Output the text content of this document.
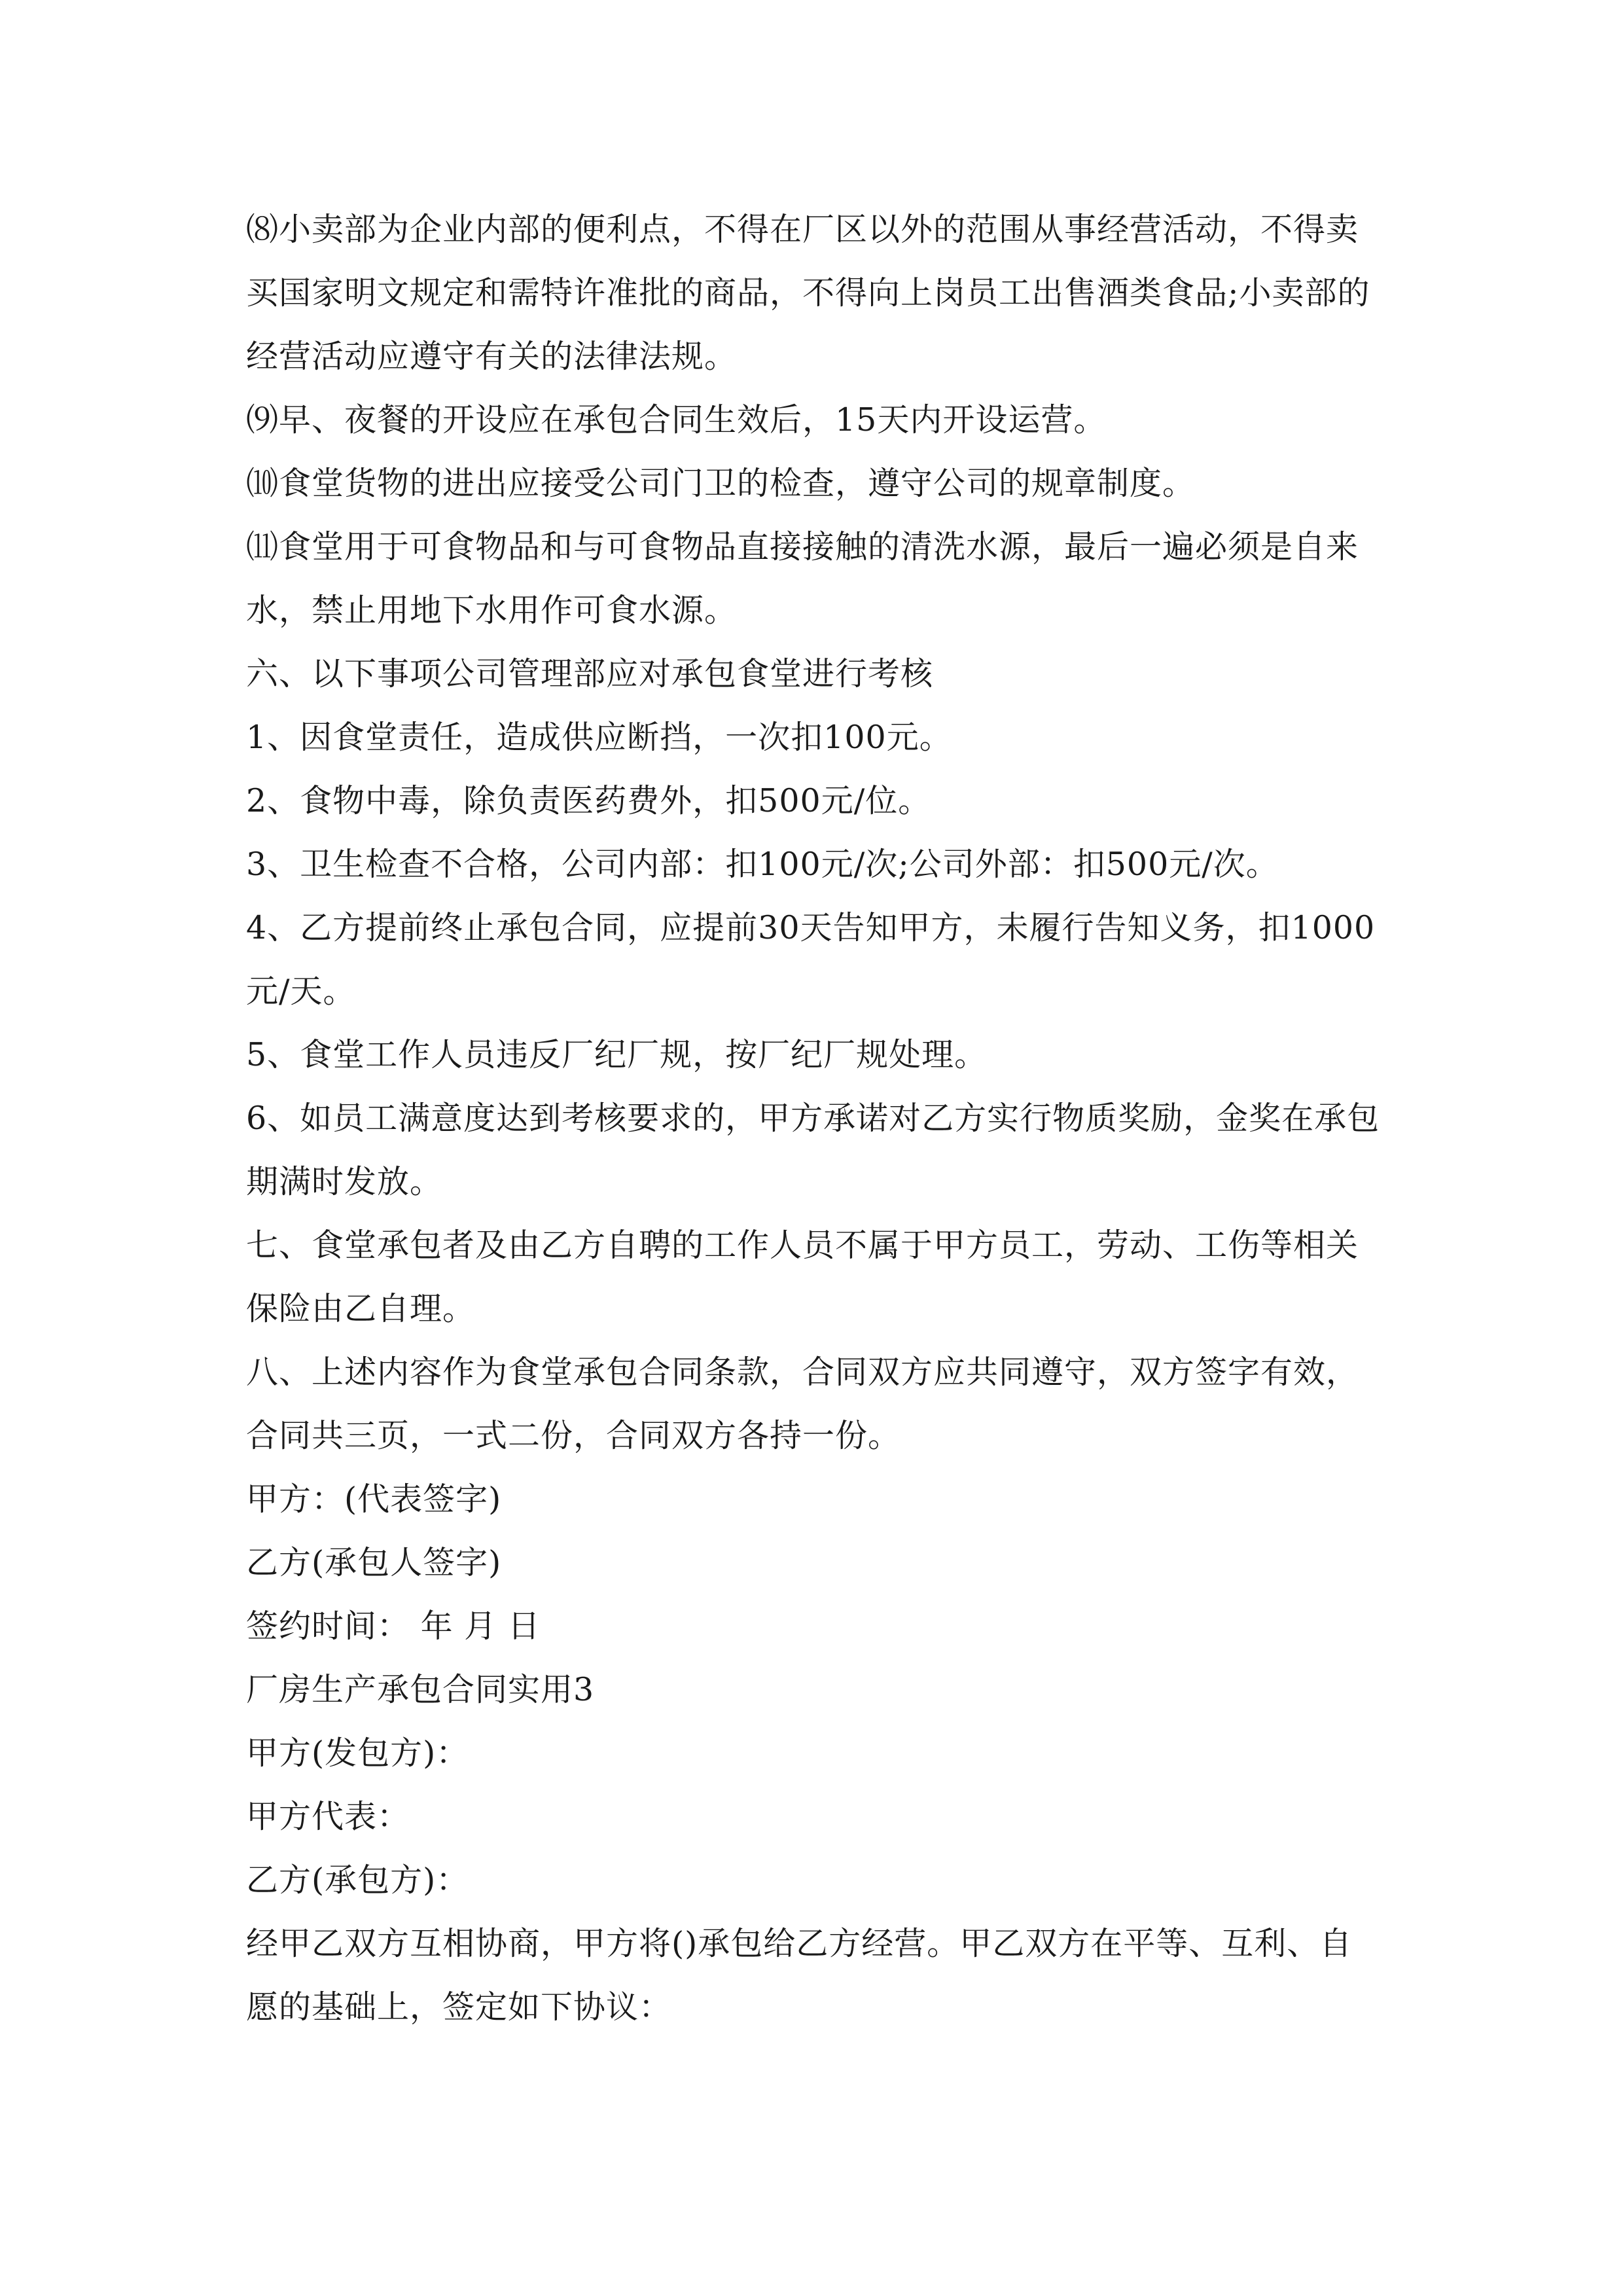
⑻小卖部为企业内部的便利点，不得在厂区以外的范围从事经营活动，不得卖买国家明文规定和需特许准批的商品，不得向上岗员工出售酒类食品;小卖部的经营活动应遵守有关的法律法规。

⑼早、夜餐的开设应在承包合同生效后，15天内开设运营。

⑽食堂货物的进出应接受公司门卫的检查，遵守公司的规章制度。

⑾食堂用于可食物品和与可食物品直接接触的清洗水源，最后一遍必须是自来水，禁止用地下水用作可食水源。

六、以下事项公司管理部应对承包食堂进行考核

1、因食堂责任，造成供应断挡，一次扣100元。

2、食物中毒，除负责医药费外，扣500元/位。

3、卫生检查不合格，公司内部：扣100元/次;公司外部：扣500元/次。

4、乙方提前终止承包合同，应提前30天告知甲方，未履行告知义务，扣1000元/天。

5、食堂工作人员违反厂纪厂规，按厂纪厂规处理。

6、如员工满意度达到考核要求的，甲方承诺对乙方实行物质奖励，金奖在承包期满时发放。

七、食堂承包者及由乙方自聘的工作人员不属于甲方员工，劳动、工伤等相关保险由乙自理。

八、上述内容作为食堂承包合同条款，合同双方应共同遵守，双方签字有效，合同共三页，一式二份，合同双方各持一份。

甲方：(代表签字)

乙方(承包人签字)

签约时间： 年 月 日

厂房生产承包合同实用3

甲方(发包方)：

甲方代表：

乙方(承包方)：

经甲乙双方互相协商，甲方将()承包给乙方经营。甲乙双方在平等、互利、自愿的基础上，签定如下协议：
